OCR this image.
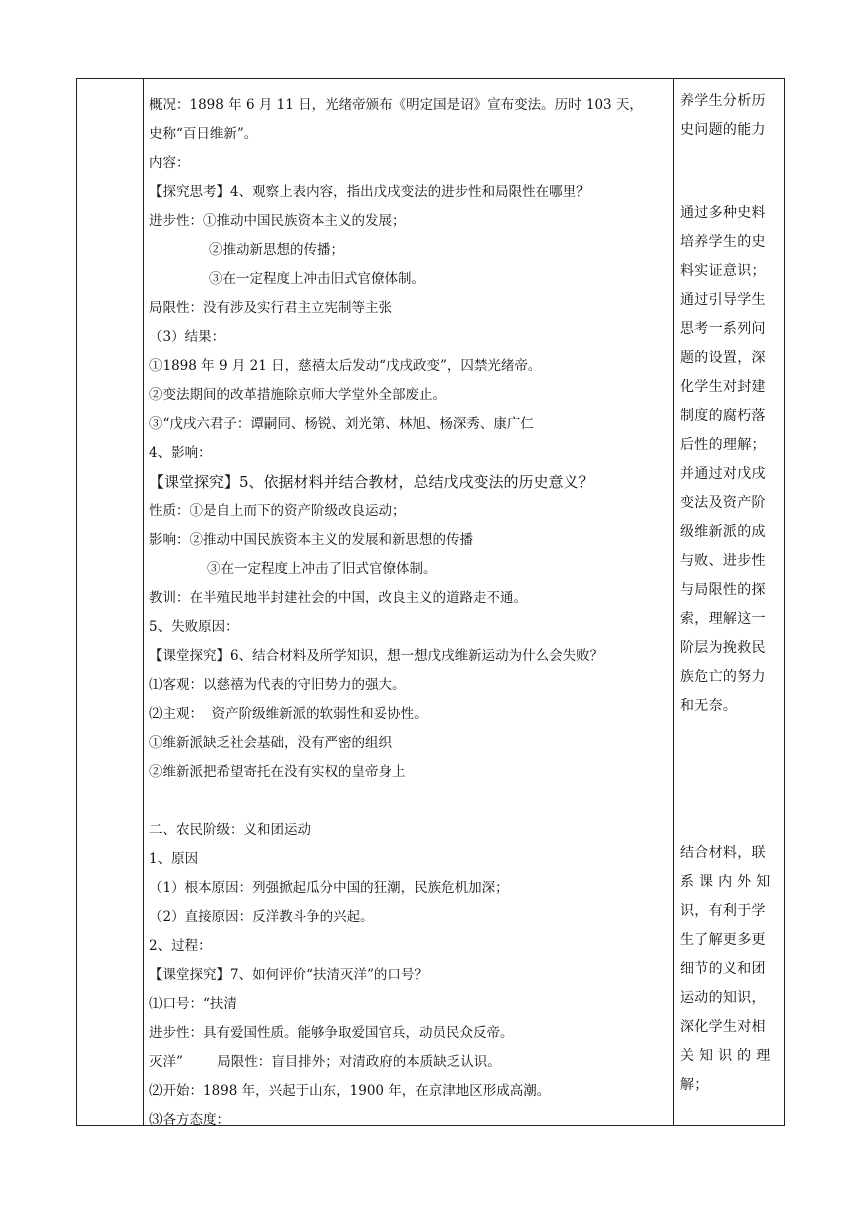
概况：1898 年 6 月 11 日，光绪帝颁布《明定国是诏》宣布变法。历时 103 天，
史称“百日维新”。
内容：
【探究思考】4、观察上表内容，指出戊戌变法的进步性和局限性在哪里？
进步性：①推动中国民族资本主义的发展；
②推动新思想的传播；
③在一定程度上冲击旧式官僚体制。
局限性：没有涉及实行君主立宪制等主张
（3）结果：
①1898 年 9 月 21 日，慈禧太后发动“戊戌政变”，囚禁光绪帝。
②变法期间的改革措施除京师大学堂外全部废止。
③“戊戌六君子：谭嗣同、杨锐、刘光第、林旭、杨深秀、康广仁
4、影响：
【课堂探究】5、依据材料并结合教材，总结戊戌变法的历史意义？
性质：①是自上而下的资产阶级改良运动；
影响：②推动中国民族资本主义的发展和新思想的传播
③在一定程度上冲击了旧式官僚体制。
教训：在半殖民地半封建社会的中国，改良主义的道路走不通。
5、失败原因：
【课堂探究】6、结合材料及所学知识，想一想戊戌维新运动为什么会失败？
⑴客观：以慈禧为代表的守旧势力的强大。
⑵主观：  资产阶级维新派的软弱性和妥协性。
①维新派缺乏社会基础，没有严密的组织
②维新派把希望寄托在没有实权的皇帝身上
二、农民阶级：义和团运动
1、原因
（1）根本原因：列强掀起瓜分中国的狂潮，民族危机加深；
（2）直接原因：反洋教斗争的兴起。
2、过程：
【课堂探究】7、如何评价“扶清灭洋”的口号？
⑴口号：“扶清
进步性：具有爱国性质。能够争取爱国官兵，动员民众反帝。
灭洋”        局限性：盲目排外；对清政府的本质缺乏认识。
⑵开始：1898 年，兴起于山东，1900 年，在京津地区形成高潮。
⑶各方态度：
养学生分析历
史问题的能力
通过多种史料
培养学生的史
料实证意识；
通过引导学生
思考一系列问
题的设置，深
化学生对封建
制度的腐朽落
后性的理解；
并通过对戊戌
变法及资产阶
级维新派的成
与败、进步性
与局限性的探
索，理解这一
阶层为挽救民
族危亡的努力
和无奈。
结合材料，联
系 课 内 外 知
识，有利于学
生了解更多更
细节的义和团
运动的知识，
深化学生对相
关 知 识 的 理
解；
